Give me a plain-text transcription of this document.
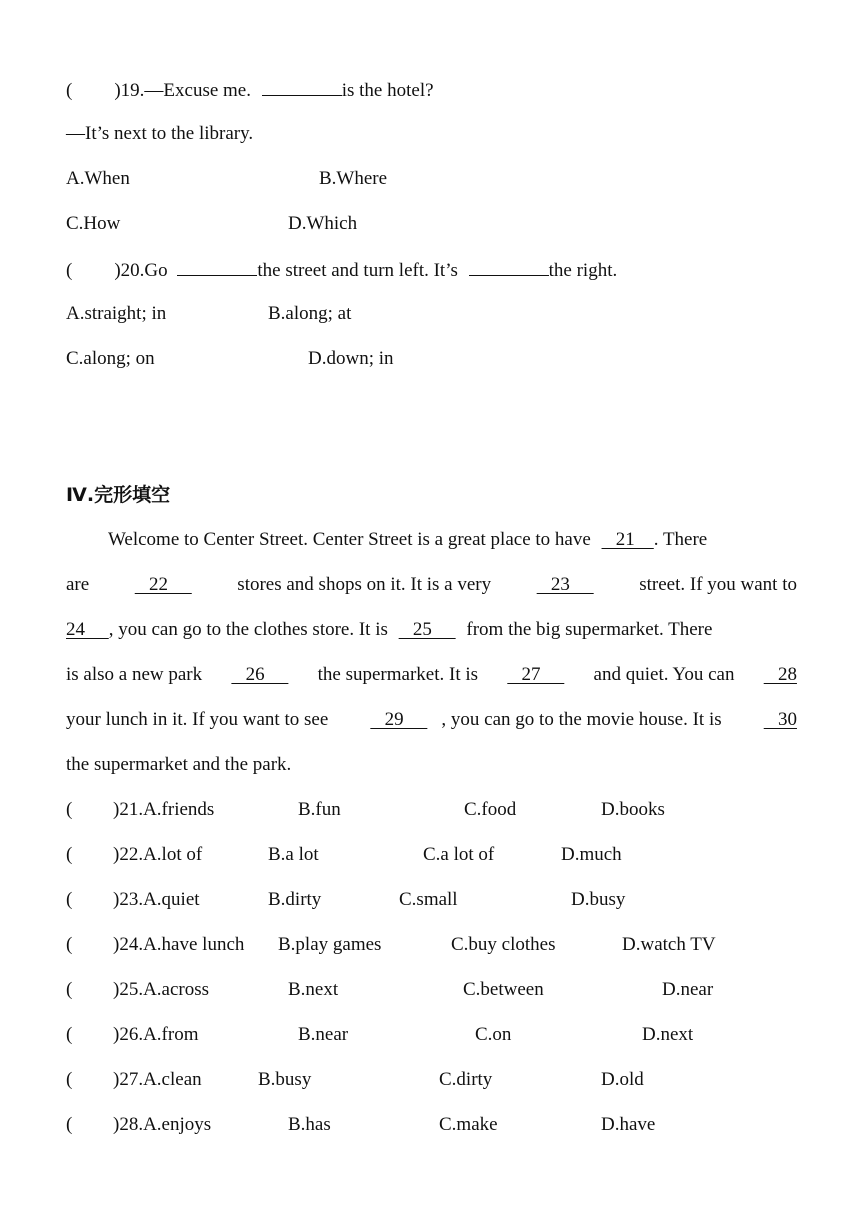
( )19.—Excuse me.	is the hotel?
—It’s next to the library.
A.When	B.Where
C.How	D.Which
( )20.Go	the street and turn left. It’s	the right.
A.straight; in	B.along; at
C.along; on	D.down; in
Ⅳ.完形填空
Welcome to Center Street. Center Street is a great place to have    21    . There
are 22 stores and shops on it. It is a very 23 street. If you want to
24     , you can go to the clothes store. It is    25      from the big supermarket. There
is also a new park 26 the supermarket. It is 27 and quiet. You can 28
your lunch in it. If you want to see 29 , you can go to the movie house. It is 30
the supermarket and the park.
( )21.A.friends	B.fun	C.food	D.books
( )22.A.lot of	B.a lot	C.a lot of	D.much
( )23.A.quiet	B.dirty	C.small	D.busy
( )24.A.have lunch B.play games	C.buy clothes	D.watch TV
( )25.A.across	B.next	C.between	D.near
( )26.A.from	B.near	C.on	D.next
( )27.A.clean	B.busy	C.dirty	D.old
( )28.A.enjoys	B.has	C.make	D.have
